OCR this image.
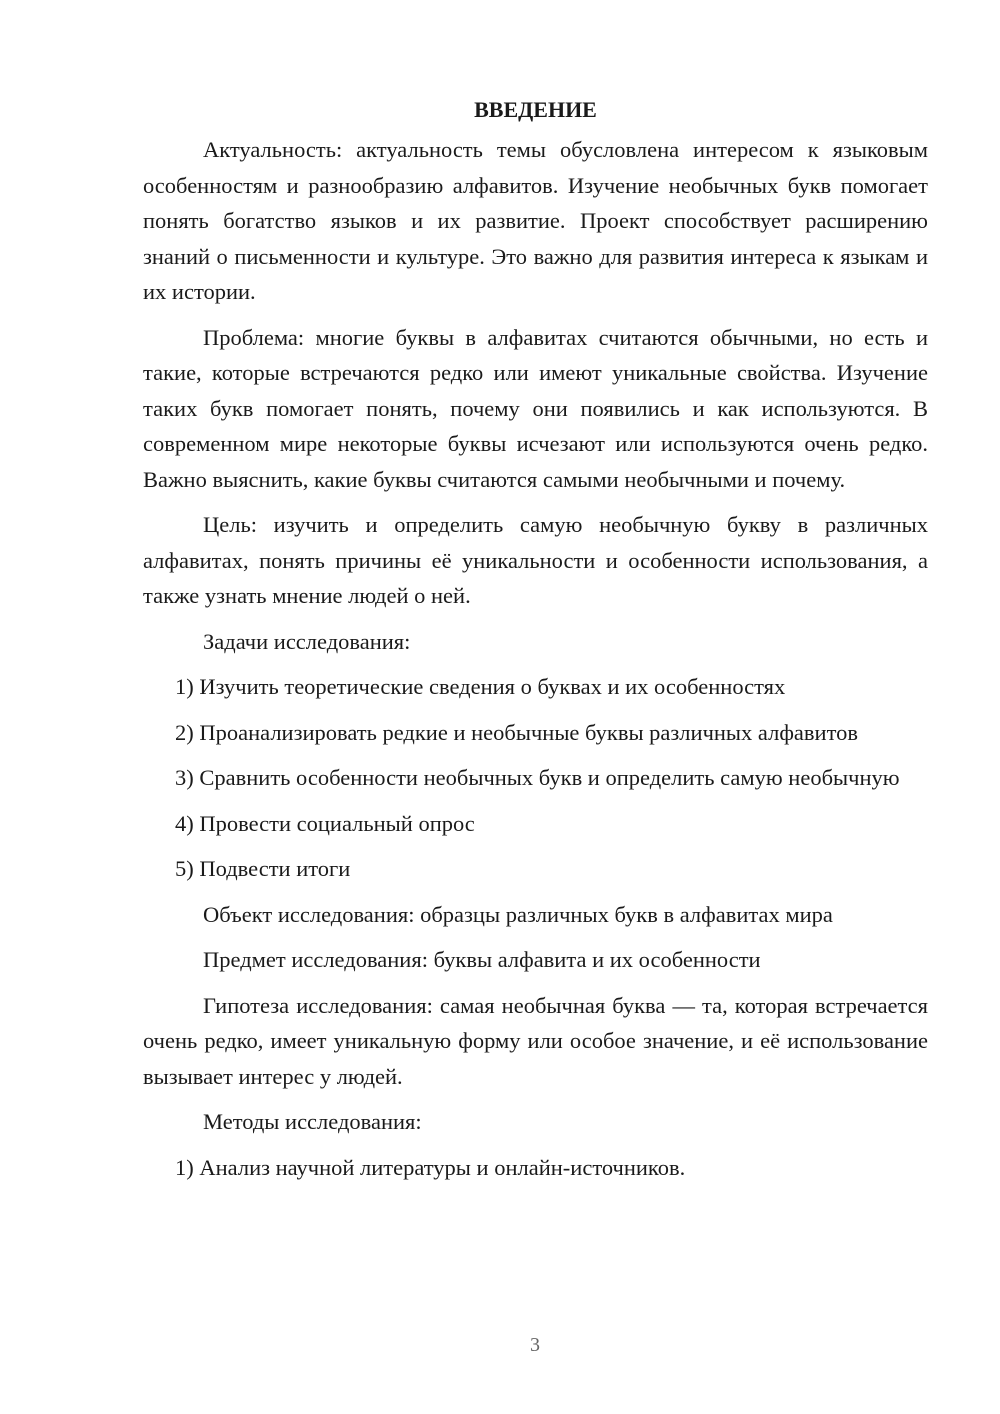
ВВЕДЕНИЕ

Актуальность: актуальность темы обусловлена интересом к языковым особенностям и разнообразию алфавитов. Изучение необычных букв помогает понять богатство языков и их развитие. Проект способствует расширению знаний о письменности и культуре. Это важно для развития интереса к языкам и их истории.

Проблема: многие буквы в алфавитах считаются обычными, но есть и такие, которые встречаются редко или имеют уникальные свойства. Изучение таких букв помогает понять, почему они появились и как используются. В современном мире некоторые буквы исчезают или используются очень редко. Важно выяснить, какие буквы считаются самыми необычными и почему.

Цель: изучить и определить самую необычную букву в различных алфавитах, понять причины её уникальности и особенности использования, а также узнать мнение людей о ней.

Задачи исследования:

1) Изучить теоретические сведения о буквах и их особенностях

2) Проанализировать редкие и необычные буквы различных алфавитов

3) Сравнить особенности необычных букв и определить самую необычную

4) Провести социальный опрос

5) Подвести итоги

Объект исследования: образцы различных букв в алфавитах мира

Предмет исследования: буквы алфавита и их особенности

Гипотеза исследования: самая необычная буква — та, которая встречается очень редко, имеет уникальную форму или особое значение, и её использование вызывает интерес у людей.

Методы исследования:

1) Анализ научной литературы и онлайн-источников.

3
